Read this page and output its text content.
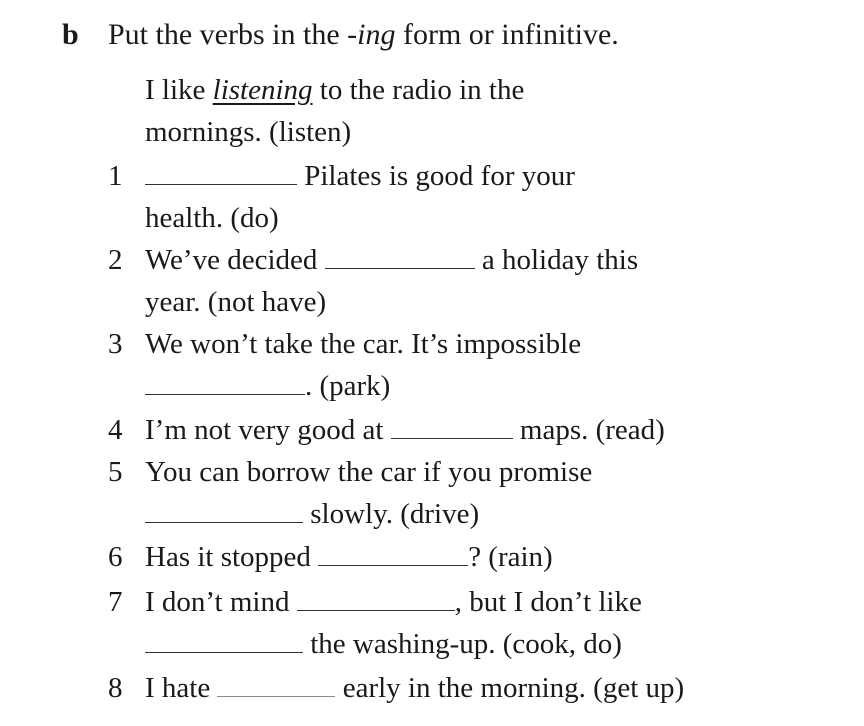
b Put the verbs in the -ing form or infinitive.
I like listening to the radio in the
mornings. (listen)
1	Pilates is good for your
health. (do)
2 We’ve decided	a holiday this
year. (not have)
3 We won’t take the car. It’s impossible
. (park)
4 I’m not very good at	maps. (read)
5 You can borrow the car if you promise
slowly. (drive)
6 Has it stopped	? (rain)
7 I don’t mind	, but I don’t like
the washing-up. (cook, do)
8 I hate	early in the morning. (get up)
